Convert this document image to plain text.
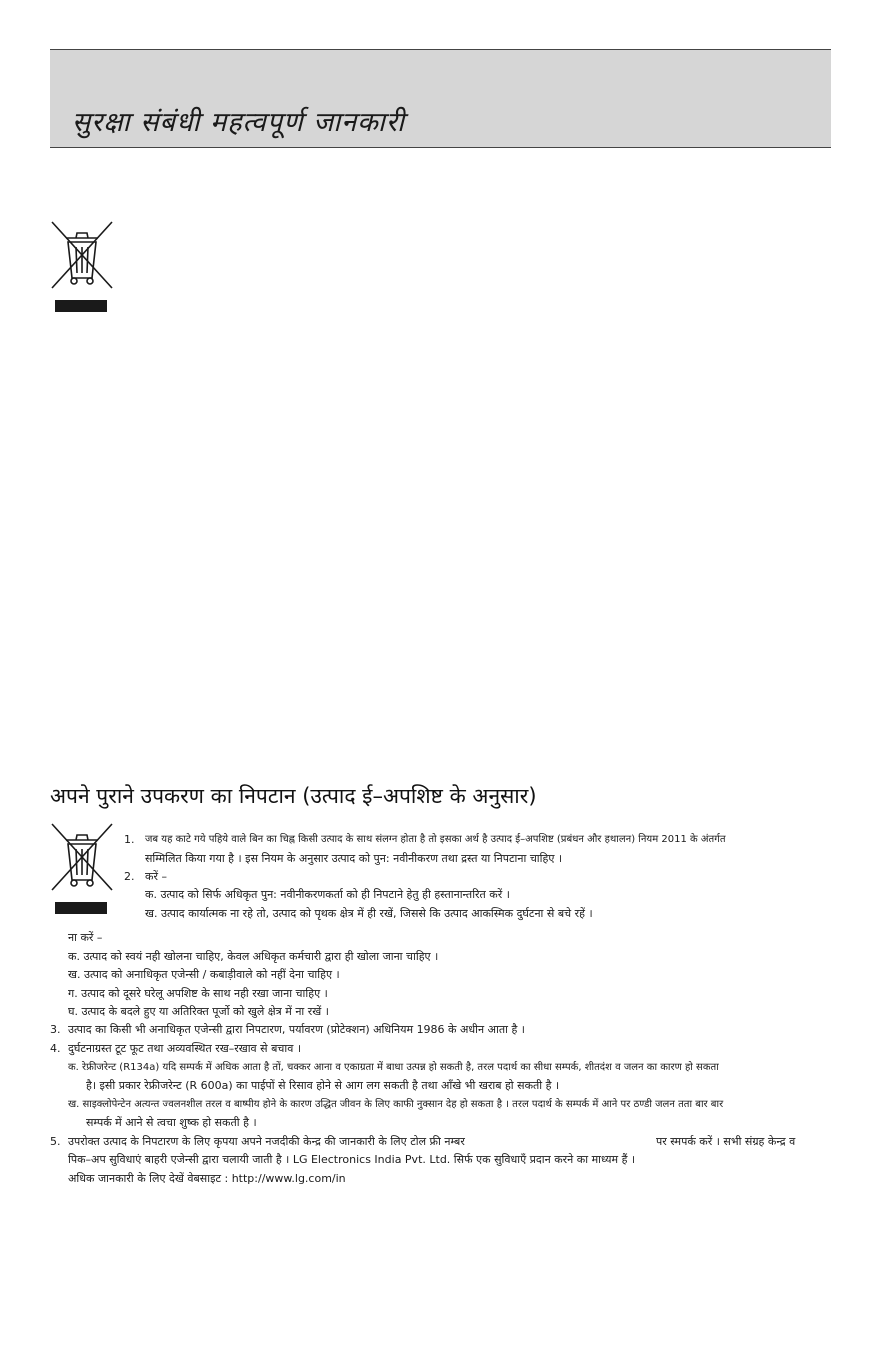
सुरक्षा संबंधी महत्वपूर्ण जानकारी
अपने पुराने उपकरण का निपटान (उत्पाद ई–अपशिष्ट के अनुसार)
1. जब यह काटे गये पहिये वाले बिन का चिह्न किसी उत्पाद के साथ संलग्न होता है तो इसका अर्थ है उत्पाद ई–अपशिष्ट (प्रबंधन और हथालन) नियम 2011 के अंतर्गत
सम्मिलित किया गया है । इस नियम के अनुसार उत्पाद को पुन: नवीनीकरण तथा द्रस्त या निपटाना चाहिए ।
2. करें –
क. उत्पाद को सिर्फ अधिकृत पुन: नवीनीकरणकर्ता को ही निपटाने हेतु ही हस्तानान्तरित करें ।
ख. उत्पाद कार्यात्मक ना रहे तो, उत्पाद को पृथक क्षेत्र में ही रखें, जिससे कि उत्पाद आकस्मिक दुर्घटना से बचे रहें ।
ना करें –
क. उत्पाद को स्वयं नही खोलना चाहिए, केवल अधिकृत कर्मचारी द्वारा ही खोला जाना चाहिए ।
ख. उत्पाद को अनाधिकृत एजेन्सी / कबाड़ीवाले को नहीं देना चाहिए ।
ग. उत्पाद को दूसरे घरेलू अपशिष्ट के साथ नही रखा जाना चाहिए ।
घ. उत्पाद के बदले हुए या अतिरिक्त पूर्जो को खुले क्षेत्र में ना रखें ।
3. उत्पाद का किसी भी अनाधिकृत एजेन्सी द्वारा निपटारण, पर्यावरण (प्रोटेक्शन) अधिनियम 1986 के अधीन आता है ।
4. दुर्घटनाग्रस्त टूट फूट तथा अव्यवस्थित रख–रखाव से बचाव ।
क. रेफ्रीजरेन्ट (R134a) यदि सम्पर्क में अधिक आता है तों, चक्कर आना व एकाग्रता में बाधा उत्पन्न हो सकती है, तरल पदार्थ का सीधा सम्पर्क, शीतदंश व जलन का कारण हो सकता
है। इसी प्रकार रेफ्रीजरेन्ट (R 600a) का पाईपों से रिसाव होने से आग लग सकती है तथा आँखे भी खराब हो सकती है ।
ख. साइक्लोपेन्टेन अत्यन्त ज्वलनशील तरल व बाष्पीय होने के कारण उद्धित जीवन के लिए काफी नुक्सान देह हो सकता है । तरल पदार्थ के सम्पर्क में आने पर ठण्डी जलन तता बार बार
सम्पर्क में आने से त्वचा शुष्क हो सकती है ।
5. उपरोक्त उत्पाद के निपटारण के लिए कृपया अपने नजदीकी केन्द्र की जानकारी के लिए टोल फ्री नम्बर	पर स्मपर्क करें । सभी संग्रह केन्द्र व
पिक–अप सुविधाएं बाहरी एजेन्सी द्वारा चलायी जाती है । LG Electronics India Pvt. Ltd. सिर्फ एक सुविधाएँ प्रदान करने का माध्यम हैं ।
अधिक जानकारी के लिए देखें वेबसाइट : http://www.lg.com/in
